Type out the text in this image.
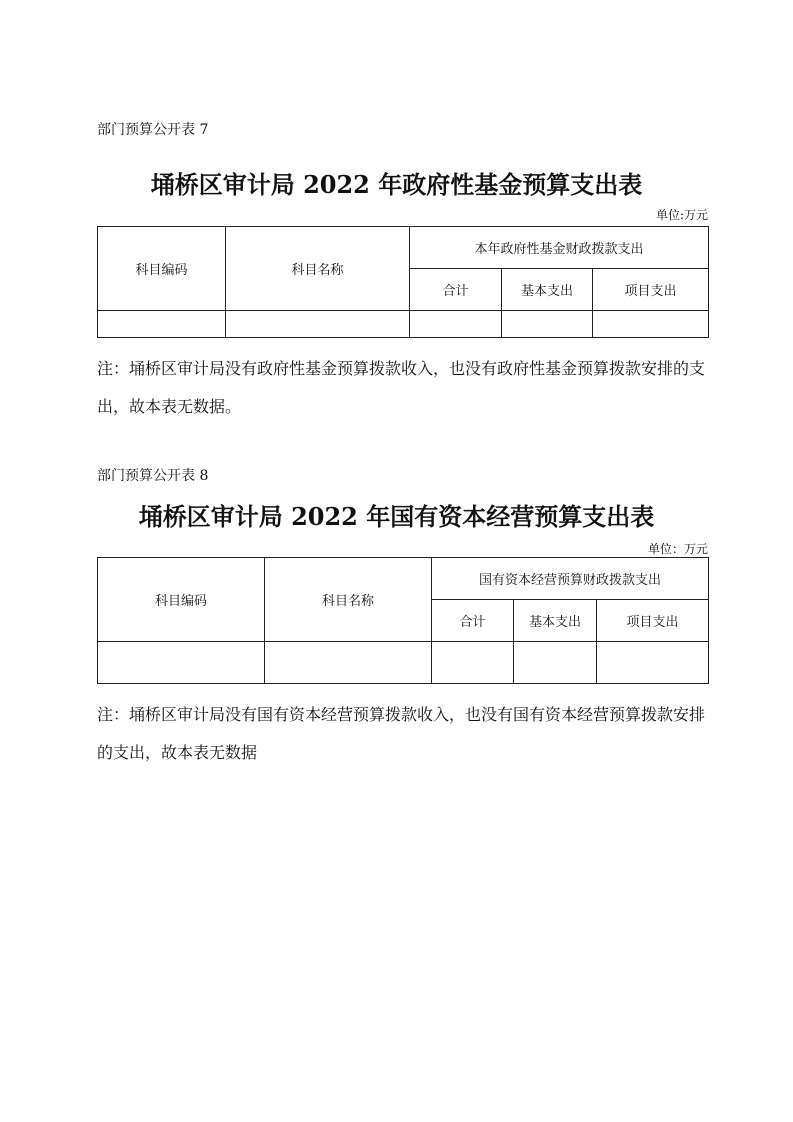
部门预算公开表 7
埇桥区审计局 2022 年政府性基金预算支出表
单位:万元
科目编码	科目名称	本年政府性基金财政拨款支出		
		合计	基本支出	项目支出

注：埇桥区审计局没有政府性基金预算拨款收入，也没有政府性基金预算拨款安排的支出，故本表无数据。
部门预算公开表 8
埇桥区审计局 2022 年国有资本经营预算支出表
单位：万元
科目编码	科目名称	国有资本经营预算财政拨款支出		
		合计	基本支出	项目支出

注：埇桥区审计局没有国有资本经营预算拨款收入，也没有国有资本经营预算拨款安排的支出，故本表无数据
